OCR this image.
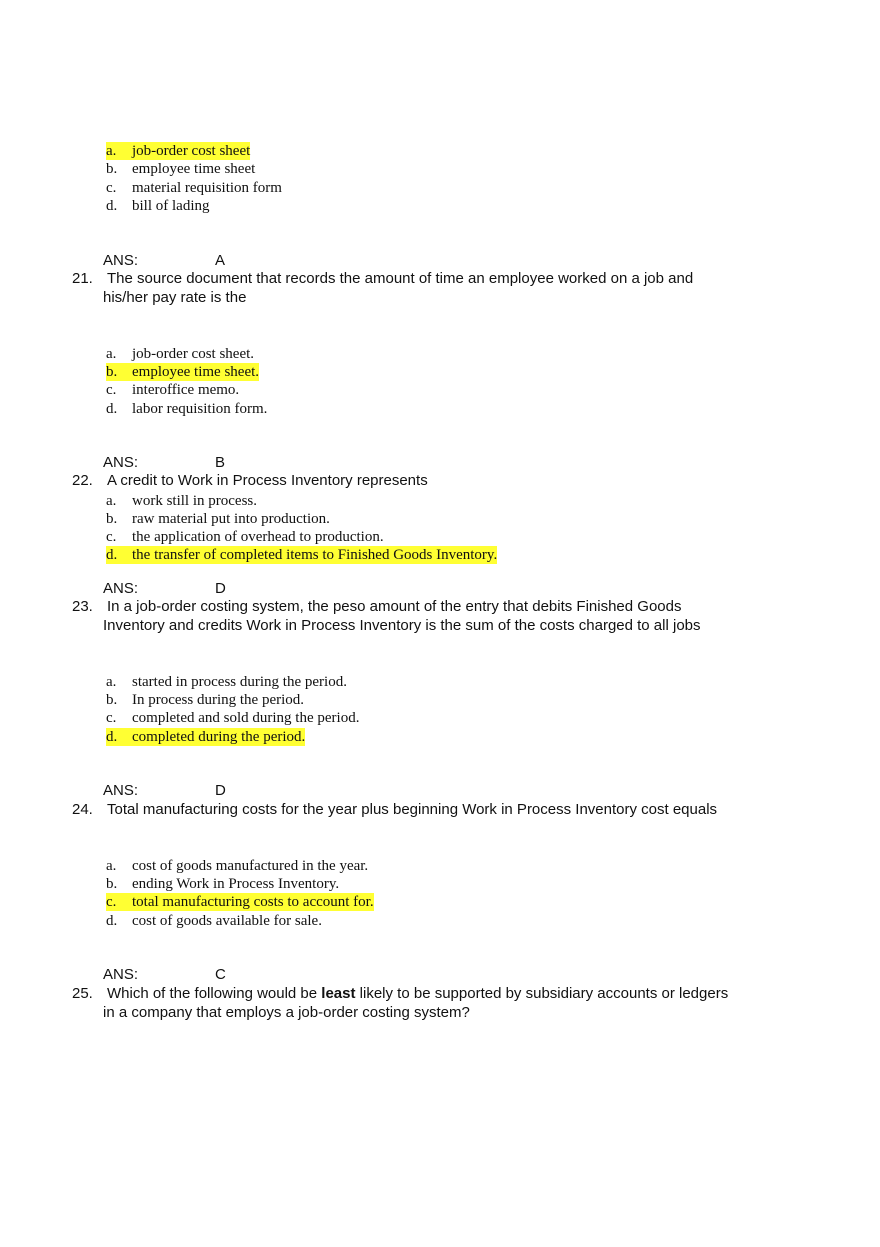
a. job-order cost sheet
b. employee time sheet
c. material requisition form
d. bill of lading
ANS:	A
21. The source document that records the amount of time an employee worked on a job and
his/her pay rate is the
a. job-order cost sheet.
b. employee time sheet.
c. interoffice memo.
d. labor requisition form.
ANS:	B
22. A credit to Work in Process Inventory represents
a. work still in process.
b. raw material put into production.
c. the application of overhead to production.
d. the transfer of completed items to Finished Goods Inventory.
ANS:	D
23. In a job-order costing system, the peso amount of the entry that debits Finished Goods
Inventory and credits Work in Process Inventory is the sum of the costs charged to all jobs
a. started in process during the period.
b. In process during the period.
c. completed and sold during the period.
d. completed during the period.
ANS:	D
24. Total manufacturing costs for the year plus beginning Work in Process Inventory cost equals
a. cost of goods manufactured in the year.
b. ending Work in Process Inventory.
c. total manufacturing costs to account for.
d. cost of goods available for sale.
ANS:	C
25. Which of the following would be least likely to be supported by subsidiary accounts or ledgers
in a company that employs a job-order costing system?
